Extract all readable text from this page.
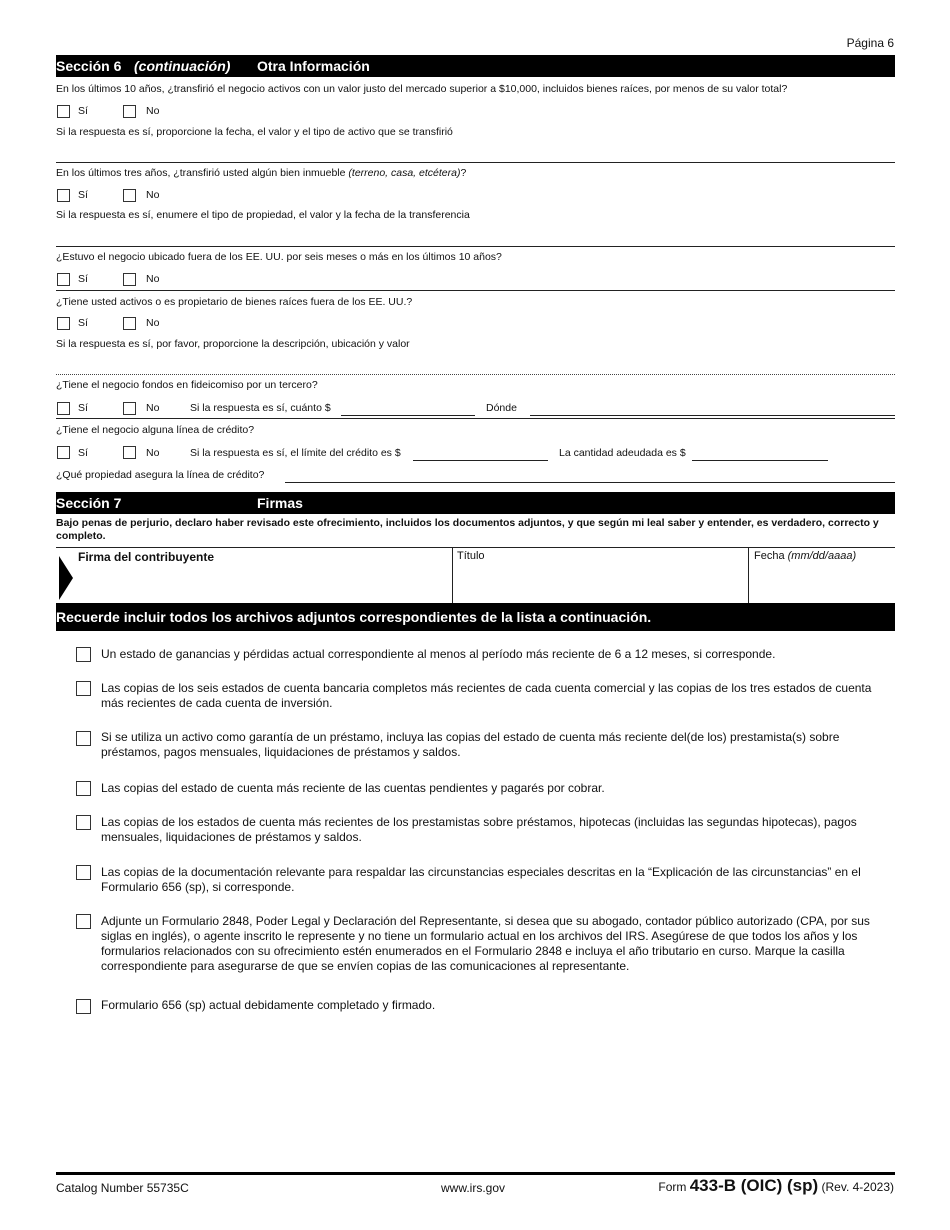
Página 6
Sección 6 (continuación) Otra Información
En los últimos 10 años, ¿transfirió el negocio activos con un valor justo del mercado superior a $10,000, incluidos bienes raíces, por menos de su valor total?
Sí	No
Si la respuesta es sí, proporcione la fecha, el valor y el tipo de activo que se transfirió
En los últimos tres años, ¿transfirió usted algún bien inmueble (terreno, casa, etcétera)?
Sí	No
Si la respuesta es sí, enumere el tipo de propiedad, el valor y la fecha de la transferencia
¿Estuvo el negocio ubicado fuera de los EE. UU. por seis meses o más en los últimos 10 años?
Sí	No
¿Tiene usted activos o es propietario de bienes raíces fuera de los EE. UU.?
Sí	No
Si la respuesta es sí, por favor, proporcione la descripción, ubicación y valor
¿Tiene el negocio fondos en fideicomiso por un tercero?
Sí	No	Si la respuesta es sí, cuánto $	Dónde
¿Tiene el negocio alguna línea de crédito?
Sí	No	Si la respuesta es sí, el límite del crédito es $	La cantidad adeudada es $
¿Qué propiedad asegura la línea de crédito?
Sección 7	Firmas
Bajo penas de perjurio, declaro haber revisado este ofrecimiento, incluidos los documentos adjuntos, y que según mi leal saber y entender, es verdadero, correcto y completo.
Firma del contribuyente	Título	Fecha (mm/dd/aaaa)
Recuerde incluir todos los archivos adjuntos correspondientes de la lista a continuación.
Un estado de ganancias y pérdidas actual correspondiente al menos al período más reciente de 6 a 12 meses, si corresponde.
Las copias de los seis estados de cuenta bancaria completos más recientes de cada cuenta comercial y las copias de los tres estados de cuenta más recientes de cada cuenta de inversión.
Si se utiliza un activo como garantía de un préstamo, incluya las copias del estado de cuenta más reciente del(de los) prestamista(s) sobre préstamos, pagos mensuales, liquidaciones de préstamos y saldos.
Las copias del estado de cuenta más reciente de las cuentas pendientes y pagarés por cobrar.
Las copias de los estados de cuenta más recientes de los prestamistas sobre préstamos, hipotecas (incluidas las segundas hipotecas), pagos mensuales, liquidaciones de préstamos y saldos.
Las copias de la documentación relevante para respaldar las circunstancias especiales descritas en la “Explicación de las circunstancias” en el Formulario 656 (sp), si corresponde.
Adjunte un Formulario 2848, Poder Legal y Declaración del Representante, si desea que su abogado, contador público autorizado (CPA, por sus siglas en inglés), o agente inscrito le represente y no tiene un formulario actual en los archivos del IRS. Asegúrese de que todos los años y los formularios relacionados con su ofrecimiento estén enumerados en el Formulario 2848 e incluya el año tributario en curso. Marque la casilla correspondiente para asegurarse de que se envíen copias de las comunicaciones al representante.
Formulario 656 (sp) actual debidamente completado y firmado.
Catalog Number 55735C	www.irs.gov	Form 433-B (OIC) (sp) (Rev. 4-2023)
